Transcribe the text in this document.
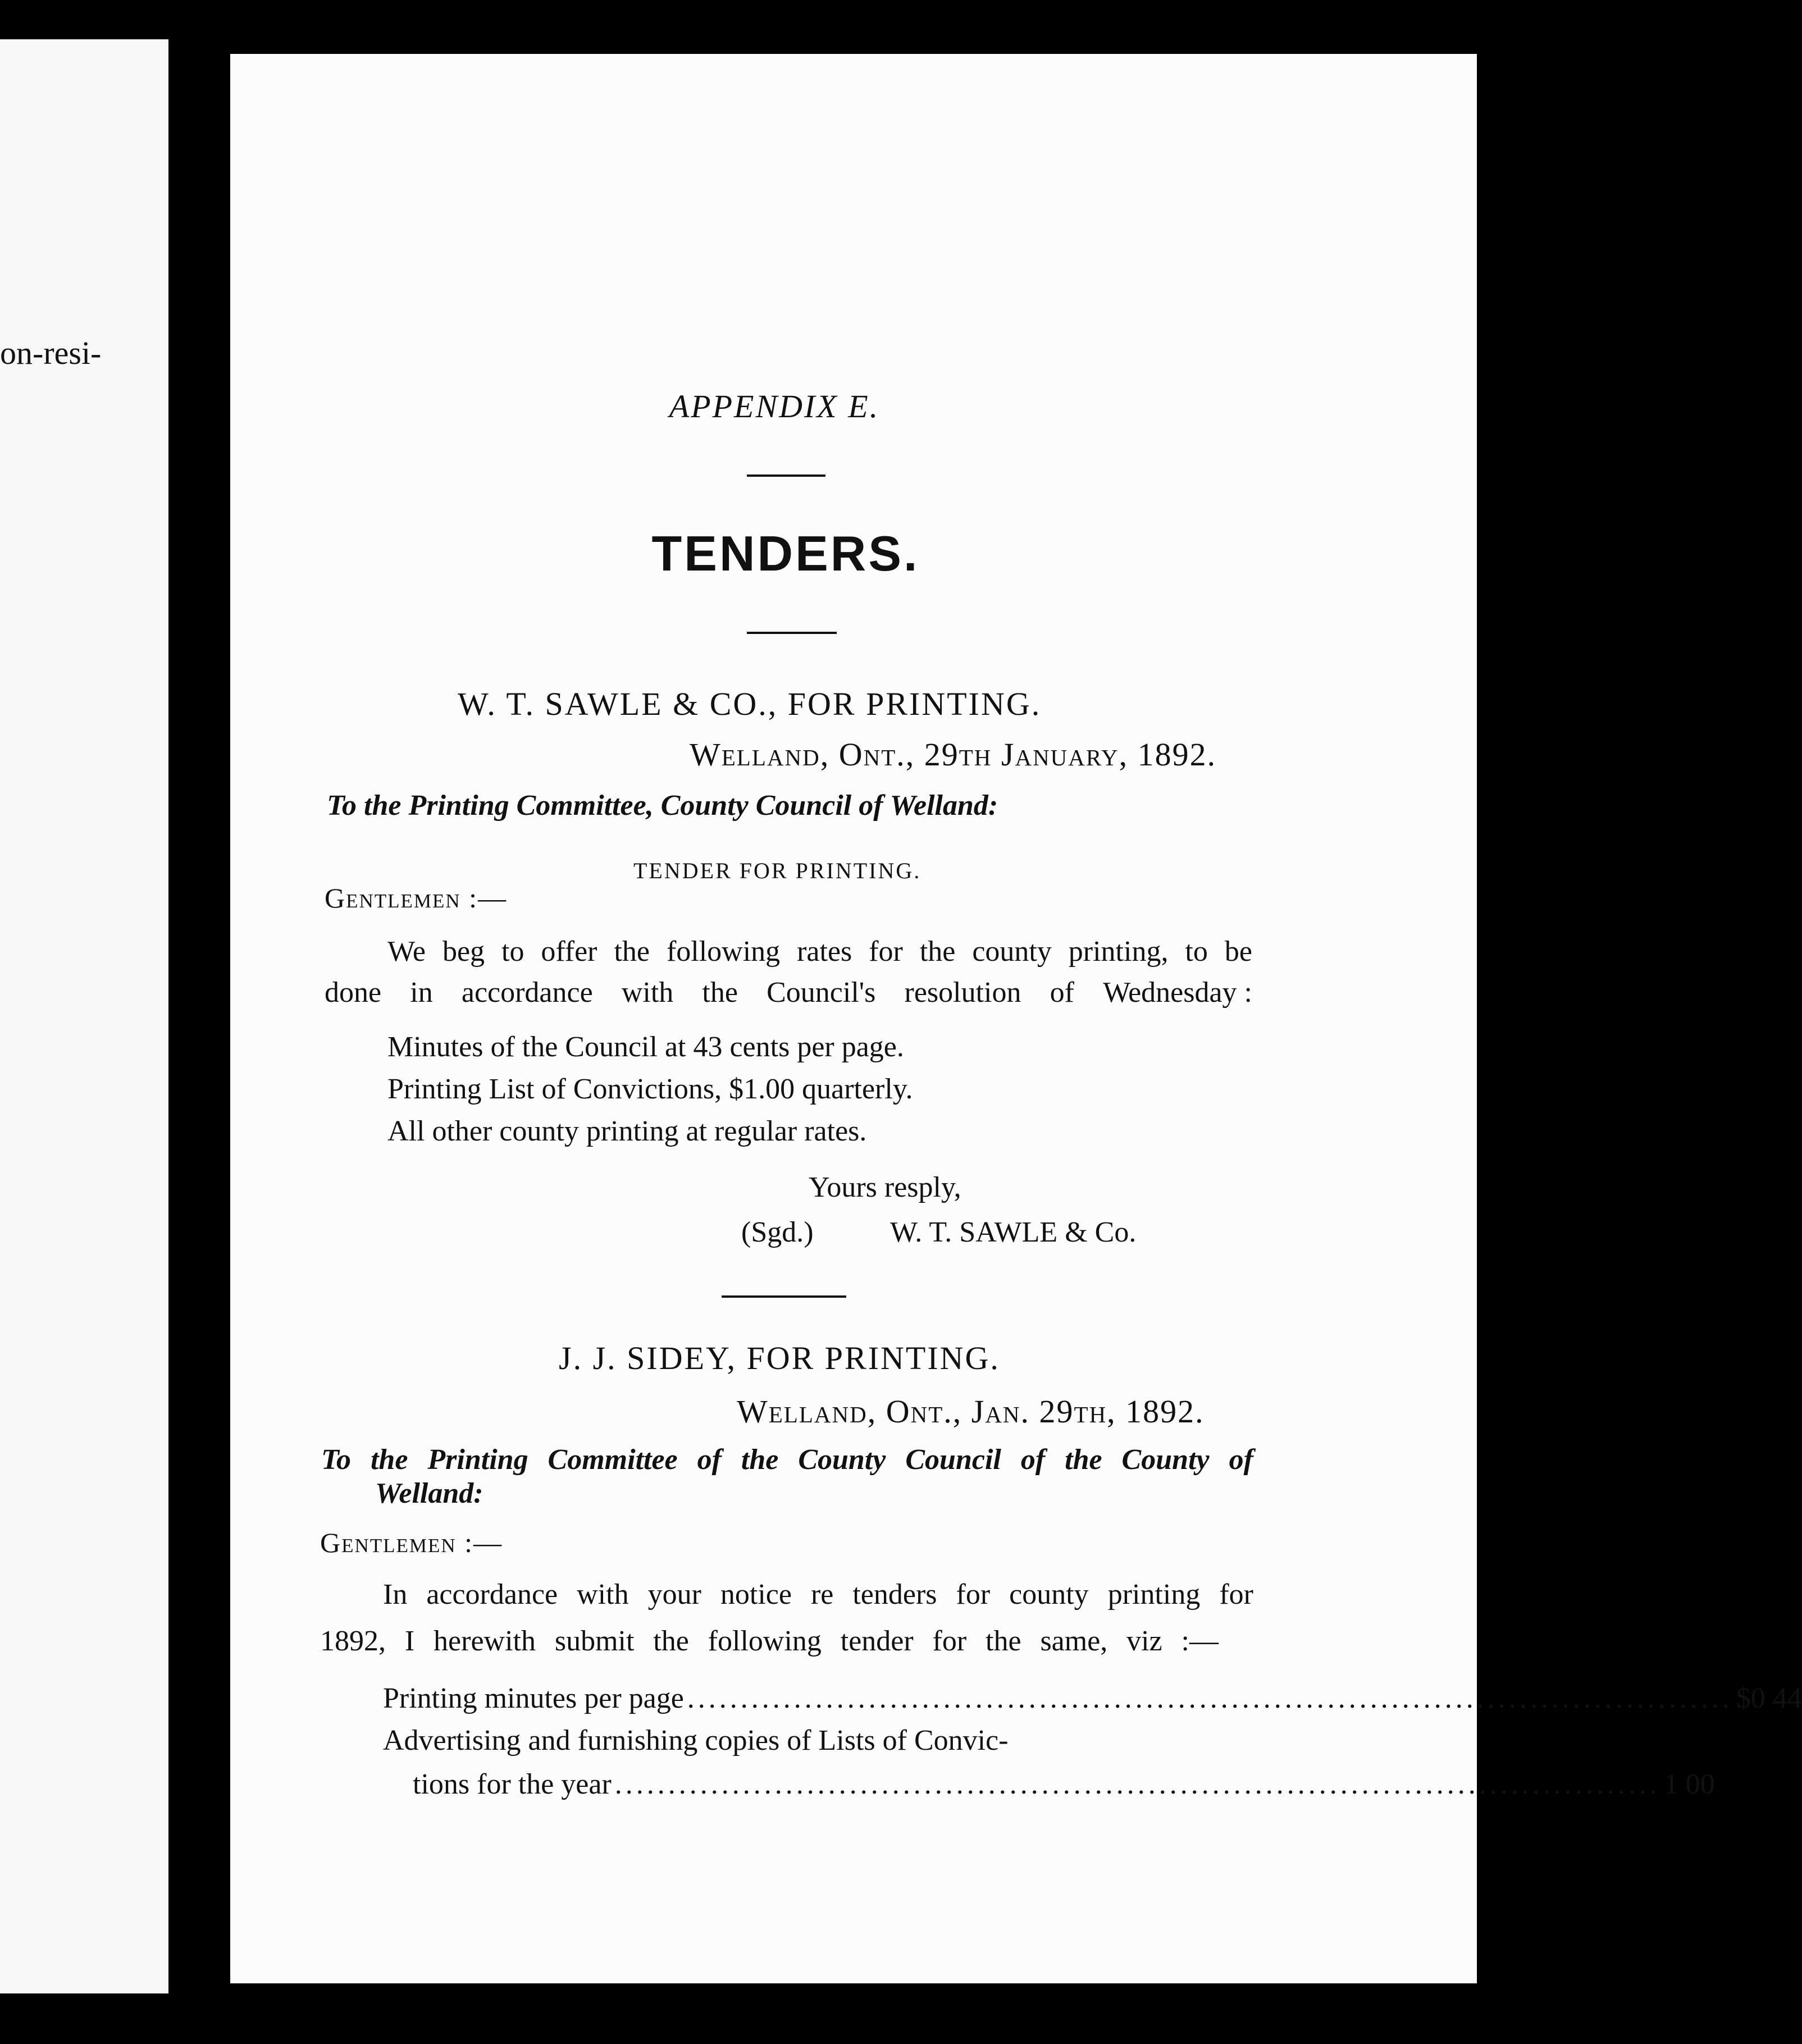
on-resi-
APPENDIX E.
TENDERS.
W. T. SAWLE & CO., FOR PRINTING.
Welland, Ont., 29th January, 1892.
To the Printing Committee, County Council of Welland:
TENDER FOR PRINTING.
Gentlemen :—
We beg to offer the following rates for the county printing, to be
done in accordance with the Council's resolution of Wednesday :
Minutes of the Council at 43 cents per page.
Printing List of Convictions, $1.00 quarterly.
All other county printing at regular rates.
Yours resply,
(Sgd.)	W. T. SAWLE & Co.
J. J. SIDEY, FOR PRINTING.
Welland, Ont., Jan. 29th, 1892.
To the Printing Committee of the County Council of the County of
Welland:
Gentlemen :—
In accordance with your notice re tenders for county printing for
1892, I herewith submit the following tender for the same, viz :—
Printing minutes per page .................................................................................................. $0 44
Advertising and furnishing copies of Lists of Convic-
tions for the year .................................................................................................. 1 00
